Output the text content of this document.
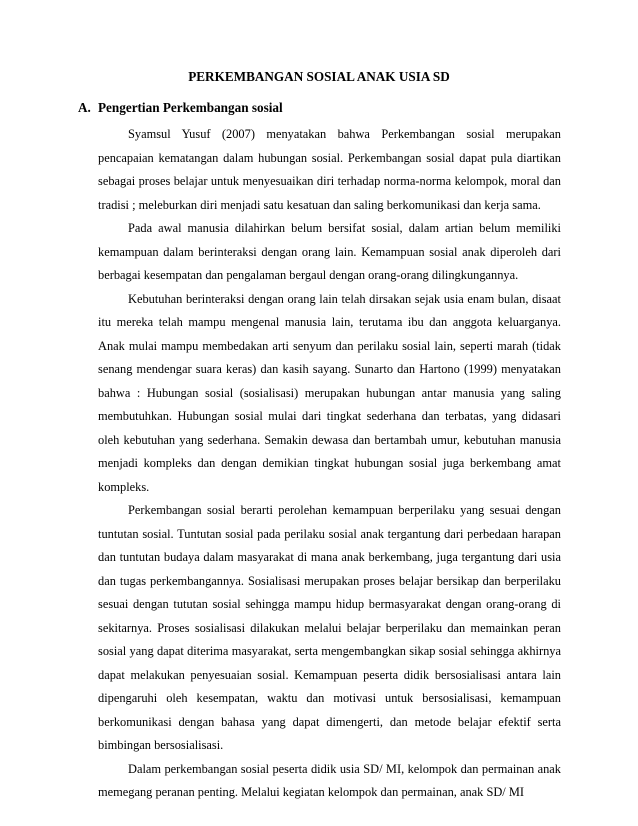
PERKEMBANGAN SOSIAL ANAK USIA SD
A. Pengertian Perkembangan sosial

Syamsul Yusuf (2007) menyatakan bahwa Perkembangan sosial merupakan pencapaian kematangan dalam hubungan sosial. Perkembangan sosial dapat pula diartikan sebagai proses belajar untuk menyesuaikan diri terhadap norma-norma kelompok, moral dan tradisi ; meleburkan diri menjadi satu kesatuan dan saling berkomunikasi dan kerja sama.

Pada awal manusia dilahirkan belum bersifat sosial, dalam artian belum memiliki kemampuan dalam berinteraksi dengan orang lain. Kemampuan sosial anak diperoleh dari berbagai kesempatan dan pengalaman bergaul dengan orang-orang dilingkungannya.

Kebutuhan berinteraksi dengan orang lain telah dirsakan sejak usia enam bulan, disaat itu mereka telah mampu mengenal manusia lain, terutama ibu dan anggota keluarganya. Anak mulai mampu membedakan arti senyum dan perilaku sosial lain, seperti marah (tidak senang mendengar suara keras) dan kasih sayang. Sunarto dan Hartono (1999) menyatakan bahwa : Hubungan sosial (sosialisasi) merupakan hubungan antar manusia yang saling membutuhkan. Hubungan sosial mulai dari tingkat sederhana dan terbatas, yang didasari oleh kebutuhan yang sederhana. Semakin dewasa dan bertambah umur, kebutuhan manusia menjadi kompleks dan dengan demikian tingkat hubungan sosial juga berkembang amat kompleks.

Perkembangan sosial berarti perolehan kemampuan berperilaku yang sesuai dengan tuntutan sosial. Tuntutan sosial pada perilaku sosial anak tergantung dari perbedaan harapan dan tuntutan budaya dalam masyarakat di mana anak berkembang, juga tergantung dari usia dan tugas perkembangannya. Sosialisasi merupakan proses belajar bersikap dan berperilaku sesuai dengan tututan sosial sehingga mampu hidup bermasyarakat dengan orang-orang di sekitarnya. Proses sosialisasi dilakukan melalui belajar berperilaku dan memainkan peran sosial yang dapat diterima masyarakat, serta mengembangkan sikap sosial sehingga akhirnya dapat melakukan penyesuaian sosial. Kemampuan peserta didik bersosialisasi antara lain dipengaruhi oleh kesempatan, waktu dan motivasi untuk bersosialisasi, kemampuan berkomunikasi dengan bahasa yang dapat dimengerti, dan metode belajar efektif serta bimbingan bersosialisasi.

Dalam perkembangan sosial peserta didik usia SD/ MI, kelompok dan permainan anak memegang peranan penting. Melalui kegiatan kelompok dan permainan, anak SD/ MI
